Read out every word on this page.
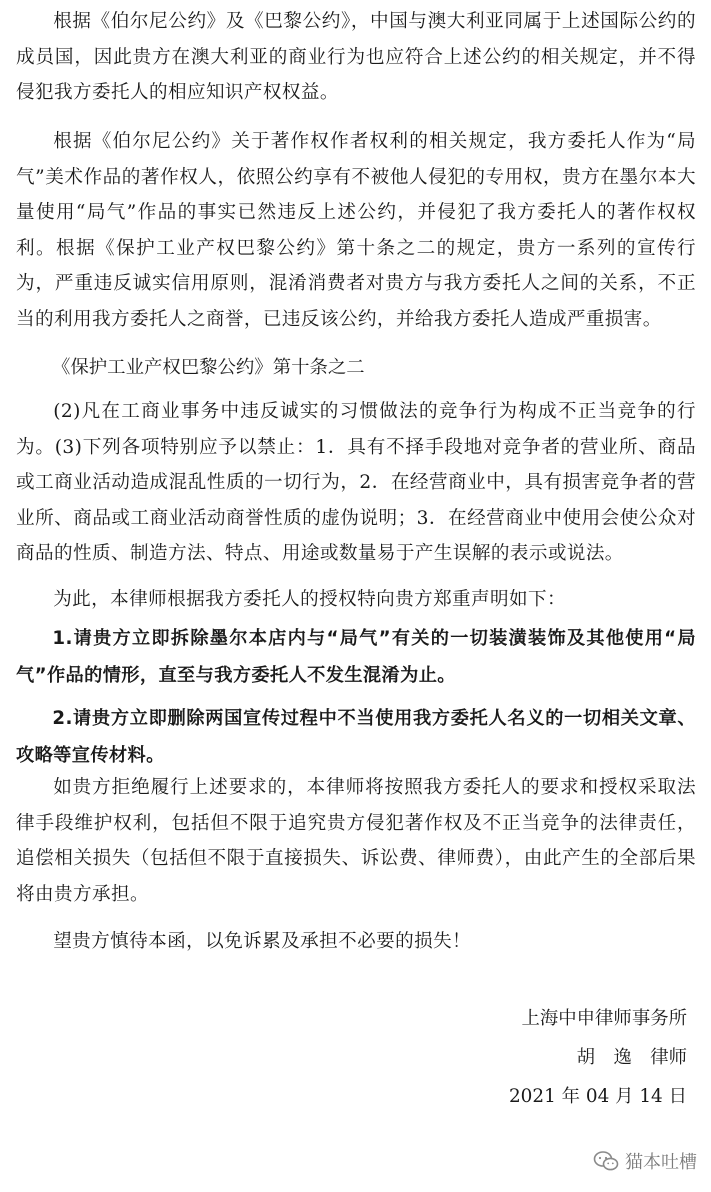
根据《伯尔尼公约》及《巴黎公约》，中国与澳大利亚同属于上述国际公约的成员国，因此贵方在澳大利亚的商业行为也应符合上述公约的相关规定，并不得侵犯我方委托人的相应知识产权权益。

根据《伯尔尼公约》关于著作权作者权利的相关规定，我方委托人作为“局气”美术作品的著作权人，依照公约享有不被他人侵犯的专用权，贵方在墨尔本大量使用“局气”作品的事实已然违反上述公约，并侵犯了我方委托人的著作权权利。根据《保护工业产权巴黎公约》第十条之二的规定，贵方一系列的宣传行为，严重违反诚实信用原则，混淆消费者对贵方与我方委托人之间的关系，不正当的利用我方委托人之商誉，已违反该公约，并给我方委托人造成严重损害。

《保护工业产权巴黎公约》第十条之二

(2)凡在工商业事务中违反诚实的习惯做法的竞争行为构成不正当竞争的行为。(3)下列各项特别应予以禁止：1．具有不择手段地对竞争者的营业所、商品或工商业活动造成混乱性质的一切行为，2．在经营商业中，具有损害竞争者的营业所、商品或工商业活动商誉性质的虚伪说明；3．在经营商业中使用会使公众对商品的性质、制造方法、特点、用途或数量易于产生误解的表示或说法。

为此，本律师根据我方委托人的授权特向贵方郑重声明如下：

1.请贵方立即拆除墨尔本店内与“局气”有关的一切装潢装饰及其他使用“局气”作品的情形，直至与我方委托人不发生混淆为止。

2.请贵方立即删除两国宣传过程中不当使用我方委托人名义的一切相关文章、攻略等宣传材料。

如贵方拒绝履行上述要求的，本律师将按照我方委托人的要求和授权采取法律手段维护权利，包括但不限于追究贵方侵犯著作权及不正当竞争的法律责任，追偿相关损失（包括但不限于直接损失、诉讼费、律师费），由此产生的全部后果将由贵方承担。

望贵方慎待本函，以免诉累及承担不必要的损失！

上海中申律师事务所

胡　逸　律师

2021 年 04 月 14 日

猫本吐槽
